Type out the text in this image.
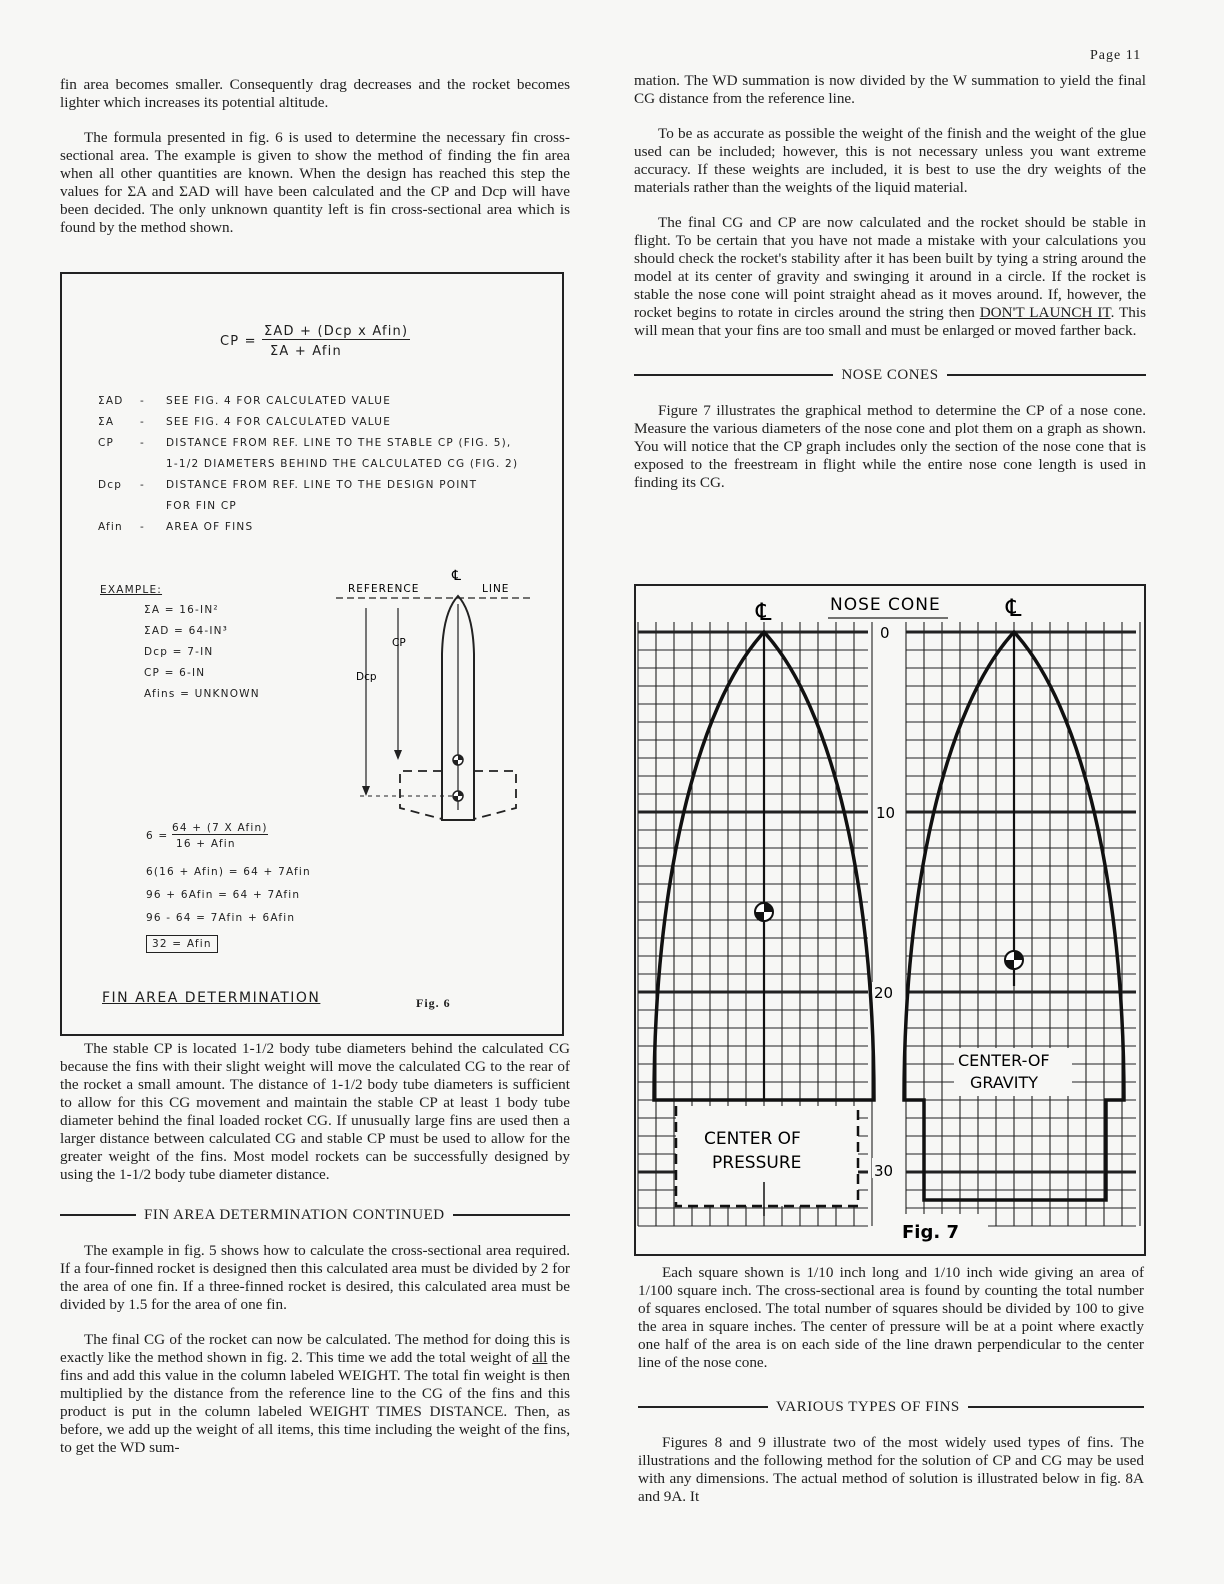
Page 11

fin area becomes smaller. Consequently drag decreases and the rocket becomes lighter which increases its potential altitude.

The formula presented in fig. 6 is used to determine the necessary fin cross-sectional area. The example is given to show the method of finding the fin area when all other quantities are known. When the design has reached this step the values for ΣA and ΣAD will have been calculated and the CP and Dcp will have been decided. The only unknown quantity left is fin cross-sectional area which is found by the method shown.

CP =
ΣAD + (Dcp x Afin)
ΣA + Afin
ΣAD	-	SEE FIG. 4 FOR CALCULATED VALUE
ΣA	-	SEE FIG. 4 FOR CALCULATED VALUE
CP	-	DISTANCE FROM REF. LINE TO THE STABLE CP (FIG. 5),
1-1/2 DIAMETERS BEHIND THE CALCULATED CG (FIG. 2)
Dcp	-	DISTANCE FROM REF. LINE TO THE DESIGN POINT
FOR FIN CP
Afin	-	AREA OF FINS
EXAMPLE:
ΣA = 16-IN²
ΣAD = 64-IN³
Dcp = 7-IN
CP = 6-IN
Afins = UNKNOWN
REFERENCE	LINE
℄
CP
Dcp
6 =
64 + (7 X Afin)
16 + Afin
6(16 + Afin) = 64 + 7Afin
96 + 6Afin = 64 + 7Afin
96 - 64 = 7Afin + 6Afin
32 = Afin
FIN AREA DETERMINATION	Fig. 6

The stable CP is located 1-1/2 body tube diameters behind the calculated CG because the fins with their slight weight will move the calculated CG to the rear of the rocket a small amount. The distance of 1-1/2 body tube diameters is sufficient to allow for this CG movement and maintain the stable CP at least 1 body tube diameter behind the final loaded rocket CG. If unusually large fins are used then a larger distance between calculated CG and stable CP must be used to allow for the greater weight of the fins. Most model rockets can be successfully designed by using the 1-1/2 body tube diameter distance.

FIN AREA DETERMINATION CONTINUED

The example in fig. 5 shows how to calculate the cross-sectional area required. If a four-finned rocket is designed then this calculated area must be divided by 2 for the area of one fin. If a three-finned rocket is desired, this calculated area must be divided by 1.5 for the area of one fin.

The final CG of the rocket can now be calculated. The method for doing this is exactly like the method shown in fig. 2. This time we add the total weight of all the fins and add this value in the column labeled WEIGHT. The total fin weight is then multiplied by the distance from the reference line to the CG of the fins and this product is put in the column labeled WEIGHT TIMES DISTANCE. Then, as before, we add up the weight of all items, this time including the weight of the fins, to get the WD sum-

mation. The WD summation is now divided by the W summation to yield the final CG distance from the reference line.

To be as accurate as possible the weight of the finish and the weight of the glue used can be included; however, this is not necessary unless you want extreme accuracy. If these weights are included, it is best to use the dry weights of the materials rather than the weights of the liquid material.

The final CG and CP are now calculated and the rocket should be stable in flight. To be certain that you have not made a mistake with your calculations you should check the rocket's stability after it has been built by tying a string around the model at its center of gravity and swinging it around in a circle. If the rocket is stable the nose cone will point straight ahead as it moves around. If, however, the rocket begins to rotate in circles around the string then DON'T LAUNCH IT. This will mean that your fins are too small and must be enlarged or moved farther back.

NOSE CONES

Figure 7 illustrates the graphical method to determine the CP of a nose cone. Measure the various diameters of the nose cone and plot them on a graph as shown. You will notice that the CP graph includes only the section of the nose cone that is exposed to the freestream in flight while the entire nose cone length is used in finding its CG.

NOSE CONE
℄	℄
0
10
20
30
CENTER OF
PRESSURE
CENTER-OF
GRAVITY
Fig. 7

Each square shown is 1/10 inch long and 1/10 inch wide giving an area of 1/100 square inch. The cross-sectional area is found by counting the total number of squares enclosed. The total number of squares should be divided by 100 to give the area in square inches. The center of pressure will be at a point where exactly one half of the area is on each side of the line drawn perpendicular to the center line of the nose cone.

VARIOUS TYPES OF FINS

Figures 8 and 9 illustrate two of the most widely used types of fins. The illustrations and the following method for the solution of CP and CG may be used with any dimensions. The actual method of solution is illustrated below in fig. 8A and 9A. It
